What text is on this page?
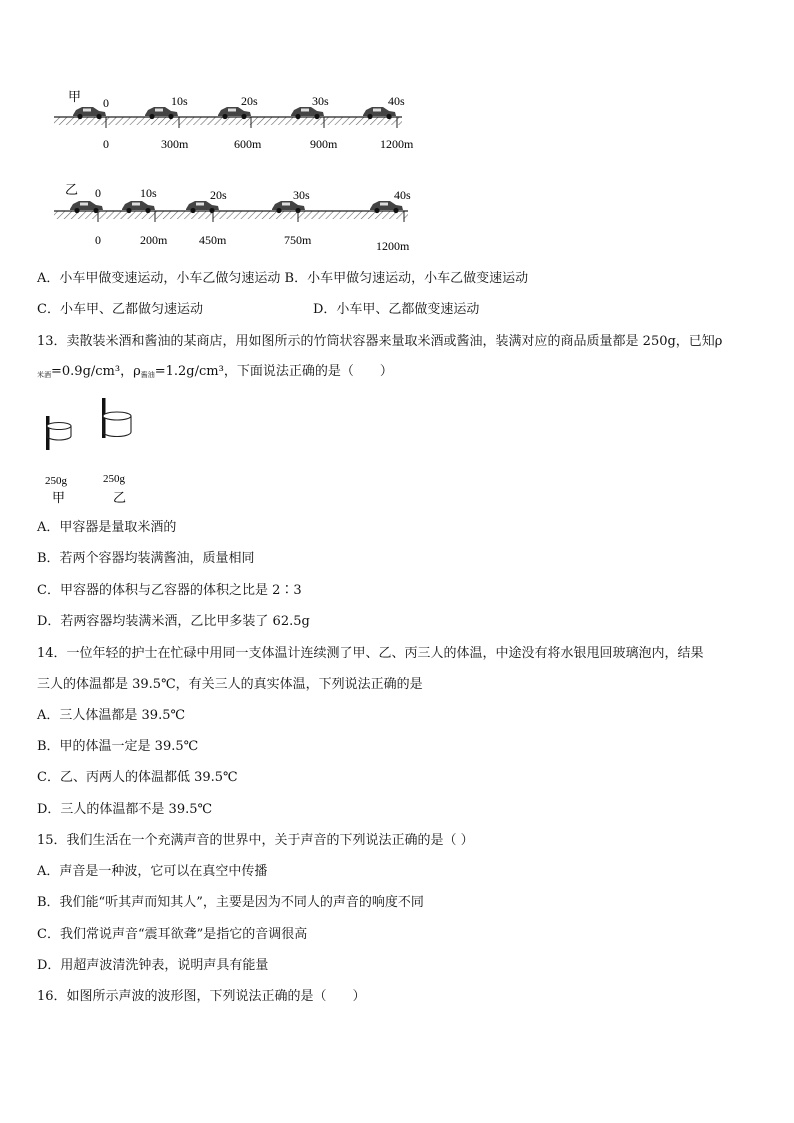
甲 0	10s	20s	30s	40s
0	300m	600m	900m	1200m
乙 0	10s	20s	30s	40s
0	200m	450m	750m	1200m
A．小车甲做变速运动，小车乙做匀速运动 B．小车甲做匀速运动，小车乙做变速运动
C．小车甲、乙都做匀速运动	D．小车甲、乙都做变速运动
13．卖散装米酒和酱油的某商店，用如图所示的竹筒状容器来量取米酒或酱油，装满对应的商品质量都是 250g，已知ρ
$_{米酒}$=0.9g/cm³，$\rho_{酱油}=1.2g$/cm³，下面说法正确的是（　　）
250g
甲
250g
乙
A．甲容器是量取米酒的
B．若两个容器均装满酱油，质量相同
C．甲容器的体积与乙容器的体积之比是 2∶3
D．若两容器均装满米酒，乙比甲多装了 62.5g
14．一位年轻的护士在忙碌中用同一支体温计连续测了甲、乙、丙三人的体温，中途没有将水银甩回玻璃泡内，结果
三人的体温都是 39.5℃，有关三人的真实体温，下列说法正确的是
A．三人体温都是 39.5℃
B．甲的体温一定是 39.5℃
C．乙、丙两人的体温都低 39.5℃
D．三人的体温都不是 39.5℃
15．我们生活在一个充满声音的世界中，关于声音的下列说法正确的是（ ）
A．声音是一种波，它可以在真空中传播
B．我们能“听其声而知其人”，主要是因为不同人的声音的响度不同
C．我们常说声音“震耳欲聋”是指它的音调很高
D．用超声波清洗钟表，说明声具有能量
16．如图所示声波的波形图，下列说法正确的是（　　）
